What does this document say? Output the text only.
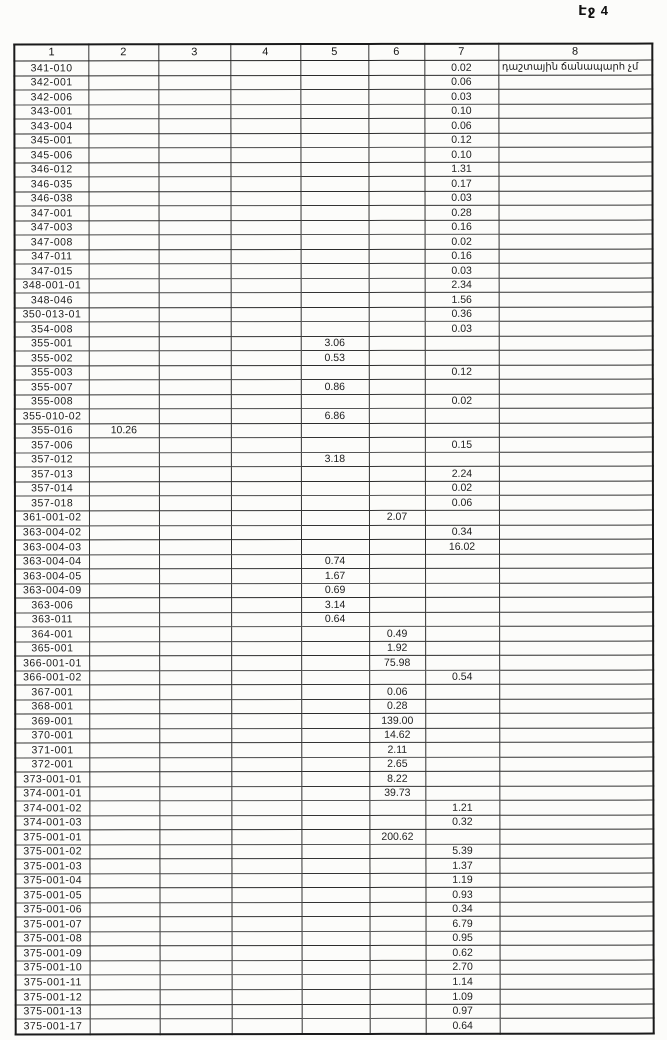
Էջ 4
1	2	3	4	5	6	7	8
341-010						0.02	դաշտային ճանապարհ չմ
342-001						0.06	
342-006						0.03	
343-001						0.10	
343-004						0.06	
345-001						0.12	
345-006						0.10	
346-012						1.31	
346-035						0.17	
346-038						0.03	
347-001						0.28	
347-003						0.16	
347-008						0.02	
347-011						0.16	
347-015						0.03	
348-001-01						2.34	
348-046						1.56	
350-013-01						0.36	
354-008						0.03	
355-001				3.06			
355-002				0.53			
355-003						0.12	
355-007				0.86			
355-008						0.02	
355-010-02				6.86			
355-016	10.26						
357-006						0.15	
357-012				3.18			
357-013						2.24	
357-014						0.02	
357-018						0.06	
361-001-02					2.07		
363-004-02						0.34	
363-004-03						16.02	
363-004-04				0.74			
363-004-05				1.67			
363-004-09				0.69			
363-006				3.14			
363-011				0.64			
364-001					0.49		
365-001					1.92		
366-001-01					75.98		
366-001-02						0.54	
367-001					0.06		
368-001					0.28		
369-001					139.00		
370-001					14.62		
371-001					2.11		
372-001					2.65		
373-001-01					8.22		
374-001-01					39.73		
374-001-02						1.21	
374-001-03						0.32	
375-001-01					200.62		
375-001-02						5.39	
375-001-03						1.37	
375-001-04						1.19	
375-001-05						0.93	
375-001-06						0.34	
375-001-07						6.79	
375-001-08						0.95	
375-001-09						0.62	
375-001-10						2.70	
375-001-11						1.14	
375-001-12						1.09	
375-001-13						0.97	
375-001-17						0.64	
